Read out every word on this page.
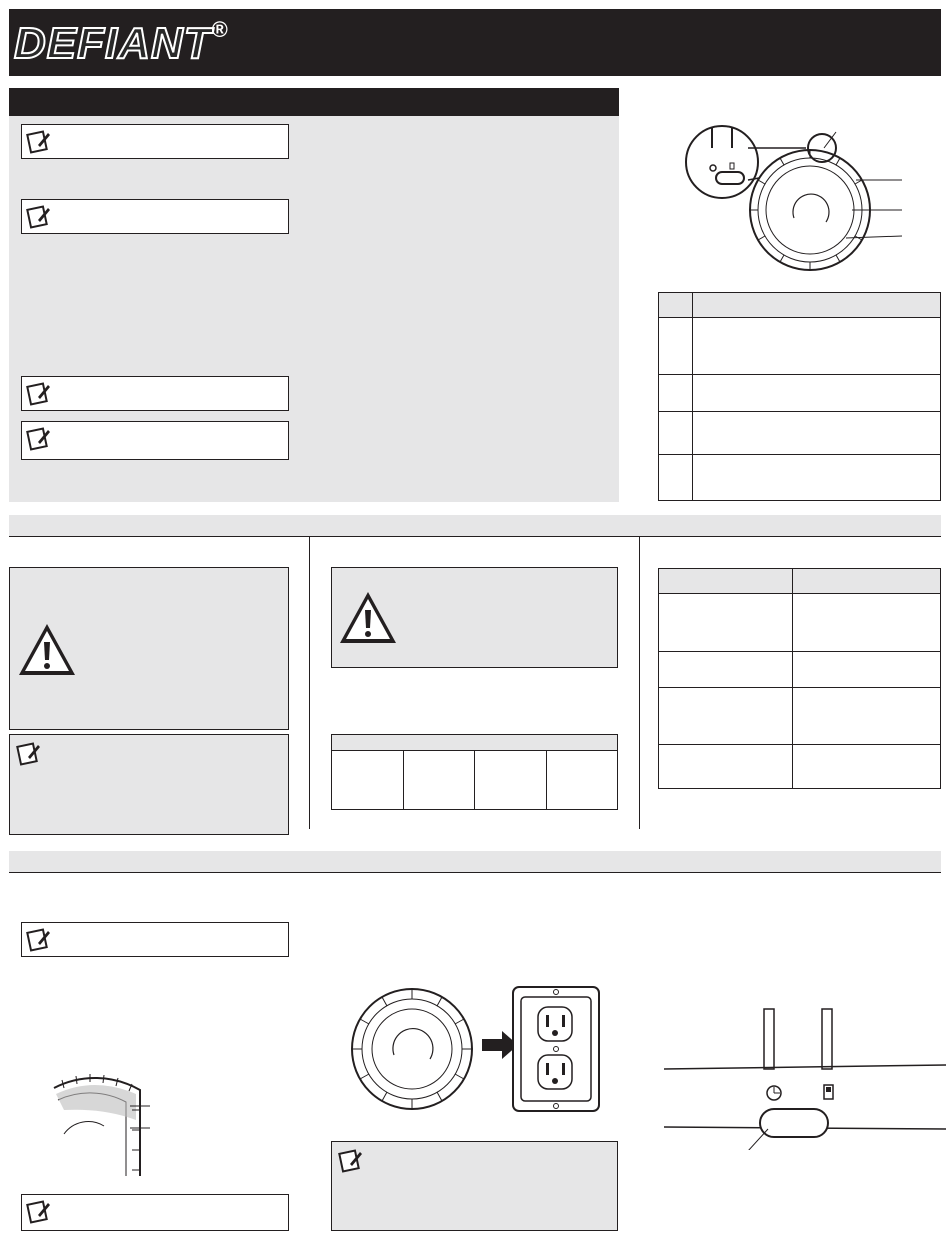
DEFIANT®
